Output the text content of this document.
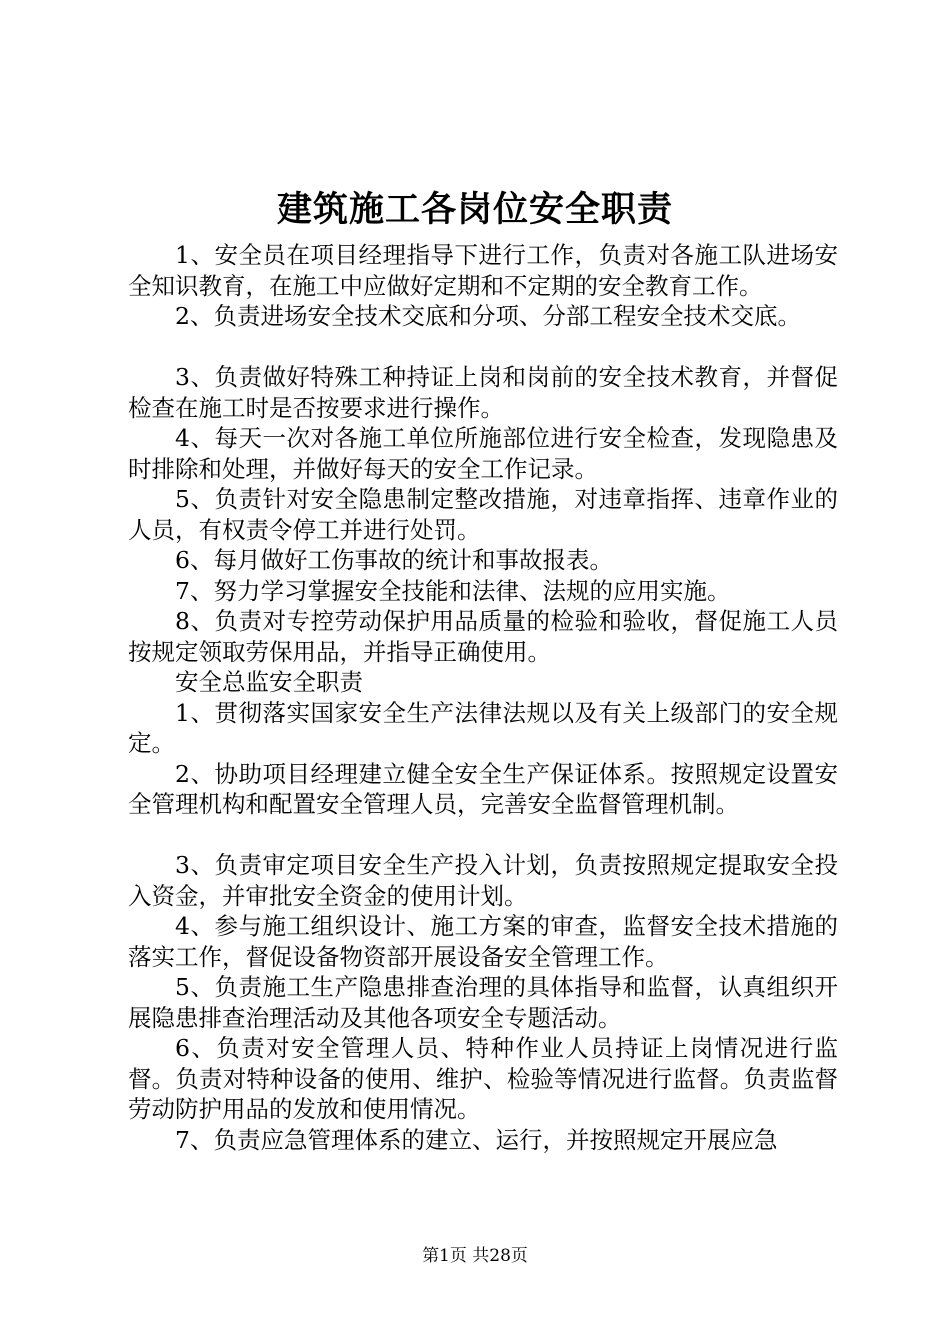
建筑施工各岗位安全职责

1、安全员在项目经理指导下进行工作，负责对各施工队进场安全知识教育，在施工中应做好定期和不定期的安全教育工作。

2、负责进场安全技术交底和分项、分部工程安全技术交底。

3、负责做好特殊工种持证上岗和岗前的安全技术教育，并督促检查在施工时是否按要求进行操作。

4、每天一次对各施工单位所施部位进行安全检查，发现隐患及时排除和处理，并做好每天的安全工作记录。

5、负责针对安全隐患制定整改措施，对违章指挥、违章作业的人员，有权责令停工并进行处罚。

6、每月做好工伤事故的统计和事故报表。

7、努力学习掌握安全技能和法律、法规的应用实施。

8、负责对专控劳动保护用品质量的检验和验收，督促施工人员按规定领取劳保用品，并指导正确使用。

安全总监安全职责

1、贯彻落实国家安全生产法律法规以及有关上级部门的安全规定。

2、协助项目经理建立健全安全生产保证体系。按照规定设置安全管理机构和配置安全管理人员，完善安全监督管理机制。

3、负责审定项目安全生产投入计划，负责按照规定提取安全投入资金，并审批安全资金的使用计划。

4、参与施工组织设计、施工方案的审查，监督安全技术措施的落实工作，督促设备物资部开展设备安全管理工作。

5、负责施工生产隐患排查治理的具体指导和监督，认真组织开展隐患排查治理活动及其他各项安全专题活动。

6、负责对安全管理人员、特种作业人员持证上岗情况进行监督。负责对特种设备的使用、维护、检验等情况进行监督。负责监督劳动防护用品的发放和使用情况。

7、负责应急管理体系的建立、运行，并按照规定开展应急

第1页 共28页
